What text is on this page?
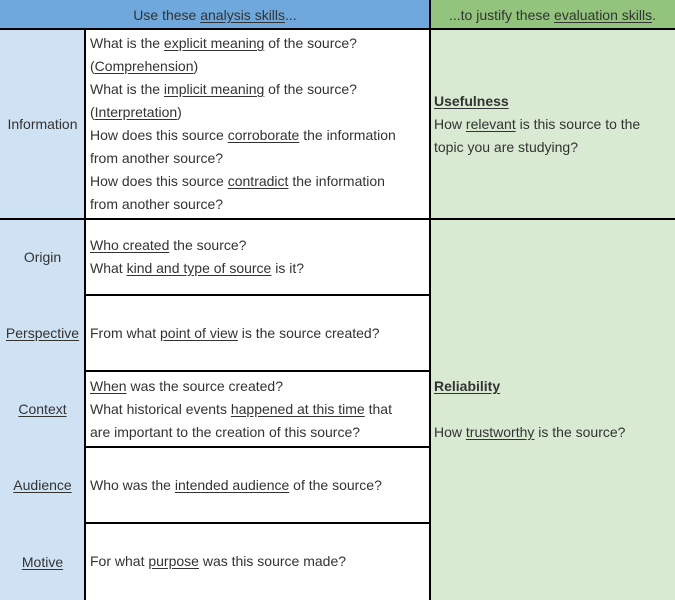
Use these analysis skills...	...to justify these evaluation skills.
Information
What is the explicit meaning of the source?
(Comprehension)
What is the implicit meaning of the source?
(Interpretation)
How does this source corroborate the information
from another source?
How does this source contradict the information
from another source?
Origin
Who created the source?
What kind and type of source is it?
Perspective From what point of view is the source created?
Context
When was the source created?
What historical events happened at this time that
are important to the creation of this source?
Audience Who was the intended audience of the source?
Motive For what purpose was this source made?
Usefulness
How relevant is this source to the
topic you are studying?
Reliability
How trustworthy is the source?
